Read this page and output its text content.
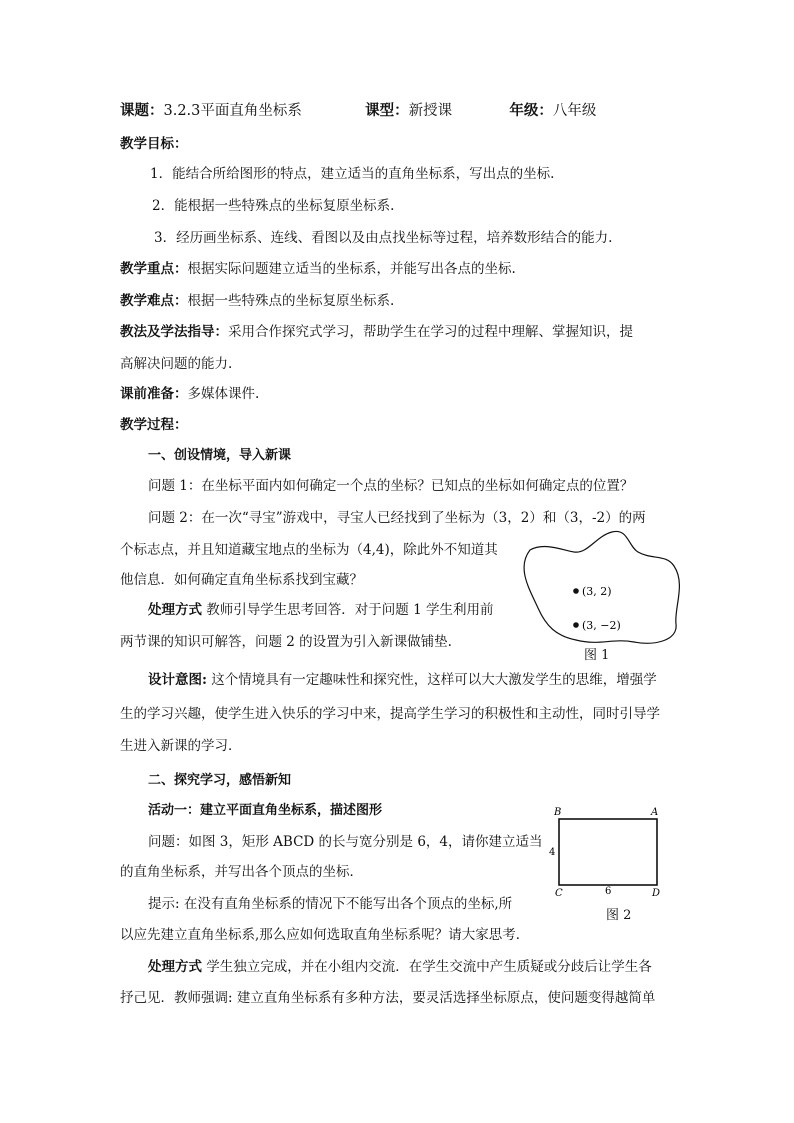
课题：3.2.3平面直角坐标系	课型：新授课	年级：八年级
教学目标：
1．能结合所给图形的特点，建立适当的直角坐标系，写出点的坐标.
2．能根据一些特殊点的坐标复原坐标系.
3．经历画坐标系、连线、看图以及由点找坐标等过程，培养数形结合的能力.
教学重点：根据实际问题建立适当的坐标系，并能写出各点的坐标.
教学难点：根据一些特殊点的坐标复原坐标系.
教法及学法指导：采用合作探究式学习，帮助学生在学习的过程中理解、掌握知识，提
高解决问题的能力.
课前准备：多媒体课件.
教学过程：
一、创设情境，导入新课
问题 1：在坐标平面内如何确定一个点的坐标？已知点的坐标如何确定点的位置？
问题 2：在一次“寻宝”游戏中，寻宝人已经找到了坐标为（3，2）和（3，-2）的两
个标志点，并且知道藏宝地点的坐标为（4,4)，除此外不知道其
他信息．如何确定直角坐标系找到宝藏？
处理方式 教师引导学生思考回答．对于问题 1 学生利用前
两节课的知识可解答，问题 2 的设置为引入新课做铺垫.
(3, 2)
(3, −2)
图 1
设计意图: 这个情境具有一定趣味性和探究性，这样可以大大激发学生的思维，增强学
生的学习兴趣，使学生进入快乐的学习中来，提高学生学习的积极性和主动性，同时引导学
生进入新课的学习．
二、探究学习，感悟新知
活动一：建立平面直角坐标系，描述图形
问题：如图 3，矩形 ABCD 的长与宽分别是 6，4，请你建立适当
的直角坐标系，并写出各个顶点的坐标．
提示: 在没有直角坐标系的情况下不能写出各个顶点的坐标,所
以应先建立直角坐标系,那么应如何选取直角坐标系呢？请大家思考．
处理方式 学生独立完成，并在小组内交流．在学生交流中产生质疑或分歧后让学生各
抒己见．教师强调: 建立直角坐标系有多种方法，要灵活选择坐标原点，使问题变得越简单
B	A
C	D
4
6
图 2
